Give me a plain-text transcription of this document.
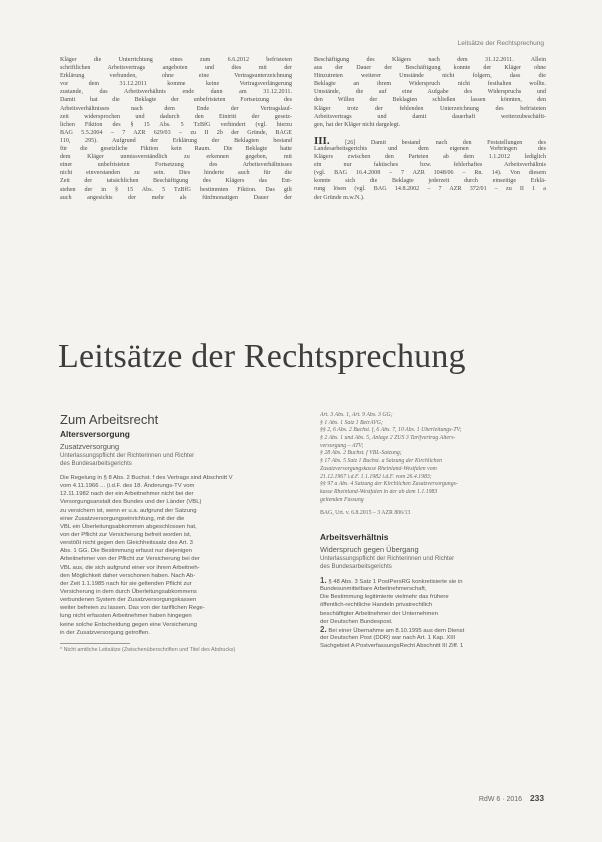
Leitsätze der Rechtsprechung
Kläger die Unterrichtung eines zum 6.6.2012 befristeten
schriftlichen Arbeitsvertrags angeboten und dies mit der
Erklärung verbunden, ohne eine Vertragsunterzeichnung
vor dem 31.12.2011 komme keine Vertragsverlängerung
zustande, das Arbeitsverhältnis ende dann am 31.12.2011.
Damit hat die Beklagte der unbefristeten Fortsetzung des
Arbeitsverhältnisses nach dem Ende der Vertragslauf-
zeit widersprochen und dadurch den Eintritt der gesetz-
lichen Fiktion des § 15 Abs. 5 TzBfG verhindert (vgl. hierzu
BAG 5.5.2004 – 7 AZR 629/03 – zu II 2b der Gründe, BAGE
110, 295). Aufgrund der Erklärung der Beklagten bestand
für die gesetzliche Fiktion kein Raum. Die Beklagte hatte
dem Kläger unmissverständlich zu erkennen gegeben, mit
einer unbefristeten Fortsetzung des Arbeitsverhältnisses
nicht einverstanden zu sein. Dies hinderte auch für die
Zeit der tatsächlichen Beschäftigung des Klägers das Ent-
stehen der in § 15 Abs. 5 TzBfG bestimmten Fiktion. Das gilt
auch angesichts der mehr als fünfmonatigen Dauer der
Beschäftigung des Klägers nach dem 31.12.2011. Allein
aus der Dauer der Beschäftigung konnte der Kläger ohne
Hinzutreten weiterer Umstände nicht folgern, dass die
Beklagte an ihrem Widerspruch nicht festhalten wollte.
Umstände, die auf eine Aufgabe des Widerspruchs und
den Willen der Beklagten schließen lassen könnten, den
Kläger trotz der fehlenden Unterzeichnung des befristeten
Arbeitsvertrags und damit dauerhaft weiterzubeschäfti-
gen, hat der Kläger nicht dargelegt.
III.	[26] Damit bestand nach den Feststellungen des
Landesarbeitsgerichts und dem eigenen Vorbringen des
Klägers zwischen den Parteien ab dem 1.1.2012 lediglich
ein nur faktisches bzw. fehlerhaftes Arbeitsverhältnis
(vgl. BAG 16.4.2008 – 7 AZR 1048/06 – Rn. 14). Von diesem
konnte sich die Beklagte jederzeit durch einseitige Erklä-
rung lösen (vgl. BAG 14.8.2002 – 7 AZR 372/01 – zu II 1 a
der Gründe m.w.N.).
Leitsätze der Rechtsprechung
Zum Arbeitsrecht
Altersversorgung
Zusatzversorgung
Unterlassungspflicht der Richterinnen und Richter
des Bundesarbeitsgerichts
Die Regelung in § 8 Abs. 2 Buchst. f des Vertrags sind Abschnitt V
vom 4.11.1966 ... (i.d.F. des 18. Änderungs-TV vom
12.11.1982 nach der ein Arbeitnehmer nicht bei der
Versorgungsanstalt des Bundes und der Länder (VBL)
zu versichern ist, wenn er u.a. aufgrund der Satzung
einer Zusatzversorgungseinrichtung, mit der die
VBL ein Überleitungsabkommen abgeschlossen hat,
von der Pflicht zur Versicherung befreit worden ist,
verstößt nicht gegen den Gleichheitssatz des Art. 3
Abs. 1 GG. Die Bestimmung erfasst nur diejenigen
Arbeitnehmer von der Pflicht zur Versicherung bei der
VBL aus, die sich aufgrund einer vor ihrem Arbeitneh-
den Möglichkeit daher verschonen haben. Nach Ab-
der Zeit 1.1.1985 nach für sie geltenden Pflicht zur
Versicherung in dem durch Überleitungsabkommens
verbundenen System der Zusatzversorgungskassen
weiter befreien zu lassen. Das von der tariflichen Rege-
lung nicht erfassten Arbeitnehmer haben hingegen
keine solche Entscheidung gegen eine Versicherung
in der Zusatzversorgung getroffen.
* Nicht amtliche Leitsätze (Zwischenüberschriften und Titel des Abdrucks)
Art. 3 Abs. 1, Art. 9 Abs. 3 GG;
§ 1 Abs. 1 Satz 1 BetrAVG;
§§ 2, 6 Abs. 2 Buchst. f, 6 Abs. 7, 10 Abs. 1 Überleitungs-TV;
§ 2 Abs. 1 und Abs. 5, Anlage 2 ZÜS 3 Tarifvertrag Alters-
versorgung – ATV;
§ 28 Abs. 2 Buchst. f VBL-Satzung;
§ 17 Abs. 5 Satz 1 Buchst. a Satzung der Kirchlichen
Zusatzversorgungskasse Rheinland-Westfalen vom
21.12.1967 i.d.F. 1.1.1982 i.d.F. vom 26.4.1983;
§§ 97 a Abs. 4 Satzung der Kirchlichen Zusatzversorgungs-
kasse Rheinland-Westfalen in der ab dem 1.1.1983
geltenden Fassung
BAG, Urt. v. 6.8.2015 – 3 AZR 806/13
Arbeitsverhältnis
Widerspruch gegen Übergang
Unterlassungspflicht der Richterinnen und Richter
des Bundesarbeitsgerichts
1. § 48 Abs. 3 Satz 1 PostPersRG konkretisierte sie in
Bundesunmittelbare Arbeitnehmerschaft,
Die Bestimmung legitimierte vielmehr das frühere
öffentlich-rechtliche Handeln privatrechtlich
beschäftigter Arbeitnehmer der Unternehmen
der Deutschen Bundespost.
2. Bei einer Übernahme am 8.10.1995 aus dem Dienst
der Deutschen Post (DDR) war nach Art. 1 Kap. XIII
Sachgebiet A PostverfassungsRecht Abschnitt III Ziff. 1
RdW 6 · 2016 233
